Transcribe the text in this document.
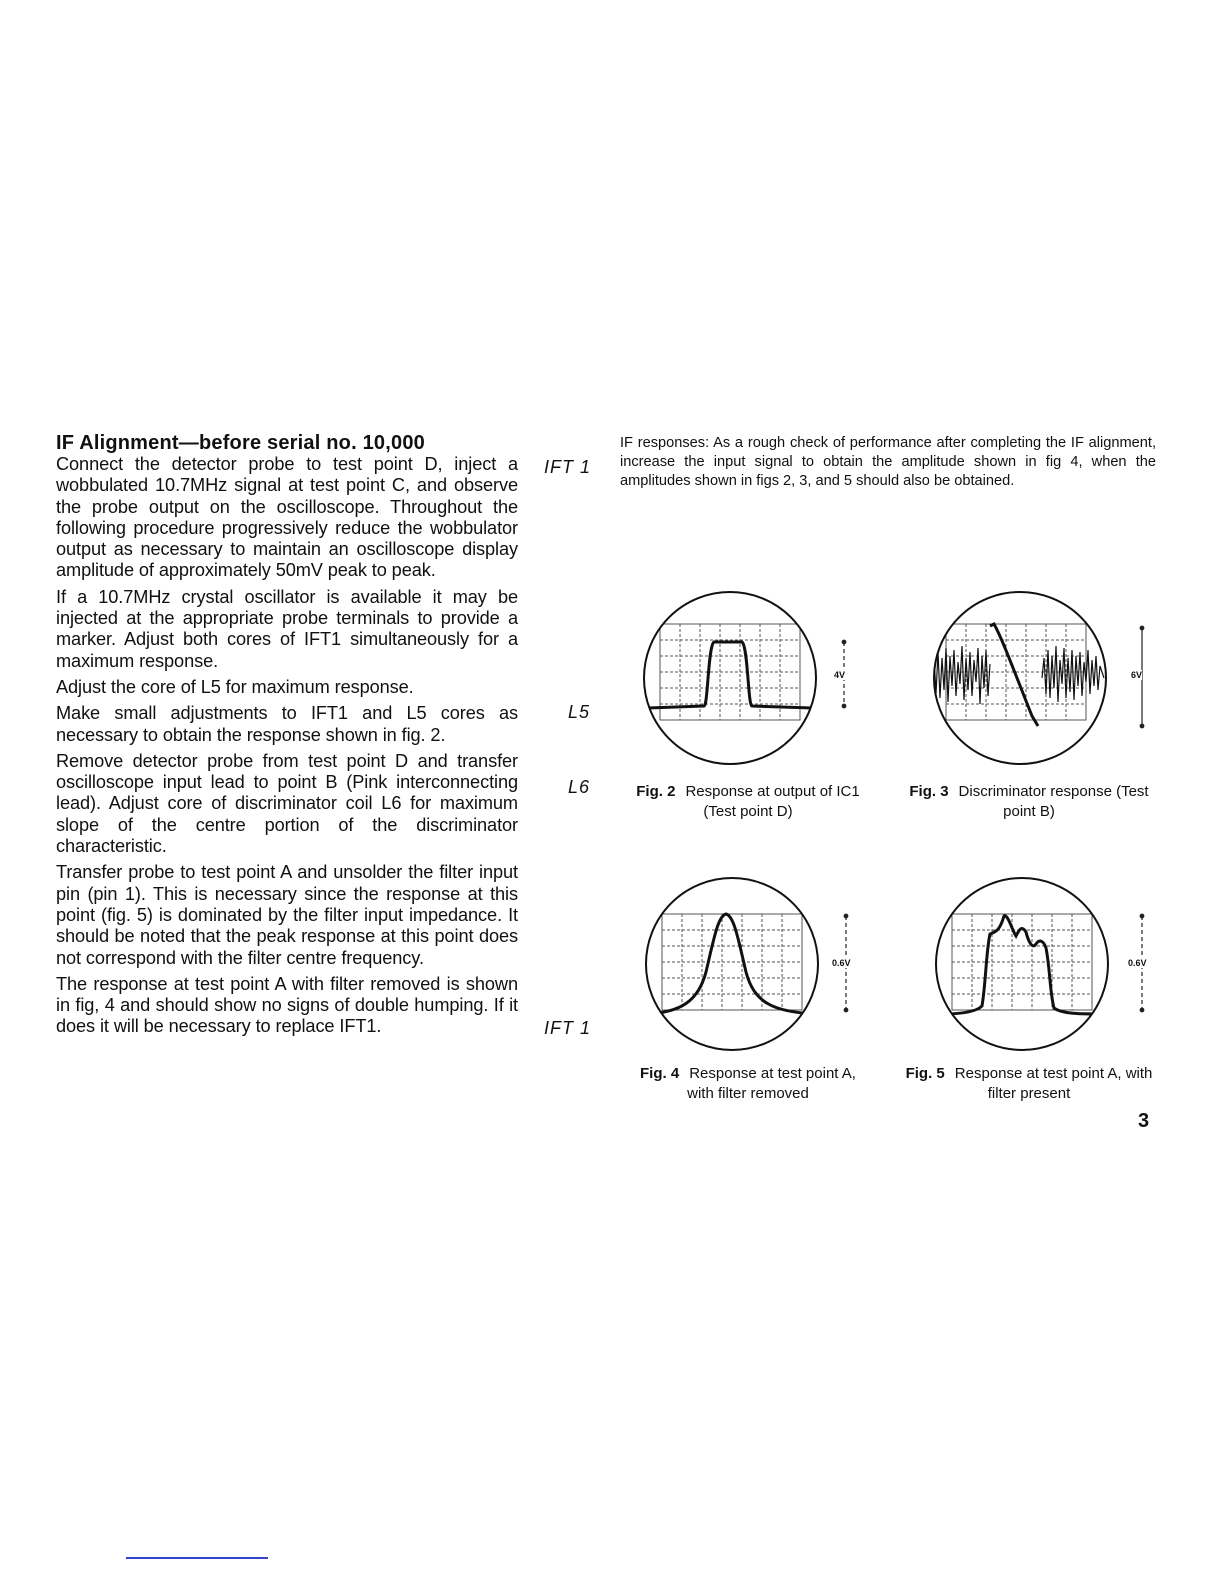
IF Alignment—before serial no. 10,000

Connect the detector probe to test point D, inject a wobbulated 10.7MHz signal at test point C, and observe the probe output on the oscilloscope. Throughout the following procedure progressively reduce the wobbulator output as necessary to maintain an oscilloscope display amplitude of approximately 50mV peak to peak.

If a 10.7MHz crystal oscillator is available it may be injected at the appropriate probe terminals to provide a marker. Adjust both cores of IFT1 simultaneously for a maximum response.

Adjust the core of L5 for maximum response.

Make small adjustments to IFT1 and L5 cores as necessary to obtain the response shown in fig. 2.

Remove detector probe from test point D and transfer oscilloscope input lead to point B (Pink interconnecting lead). Adjust core of discriminator coil L6 for maximum slope of the centre portion of the discriminator characteristic.

Transfer probe to test point A and unsolder the filter input pin (pin 1). This is necessary since the response at this point (fig. 5) is dominated by the filter input impedance. It should be noted that the peak response at this point does not correspond with the filter centre frequency.

The response at test point A with filter removed is shown in fig, 4 and should show no signs of double humping. If it does it will be necessary to replace IFT1.

IFT 1
L5
L6
IFT 1
IF responses: As a rough check of performance after completing the IF alignment, increase the input signal to obtain the amplitude shown in fig 4, when the amplitudes shown in figs 2, 3, and 5 should also be obtained.
4V
Fig. 2 Response at output of IC1 (Test point D)
6V
Fig. 3 Discriminator response (Test point B)
0.6V
Fig. 4 Response at test point A, with filter removed
0.6V
Fig. 5 Response at test point A, with filter present
3
